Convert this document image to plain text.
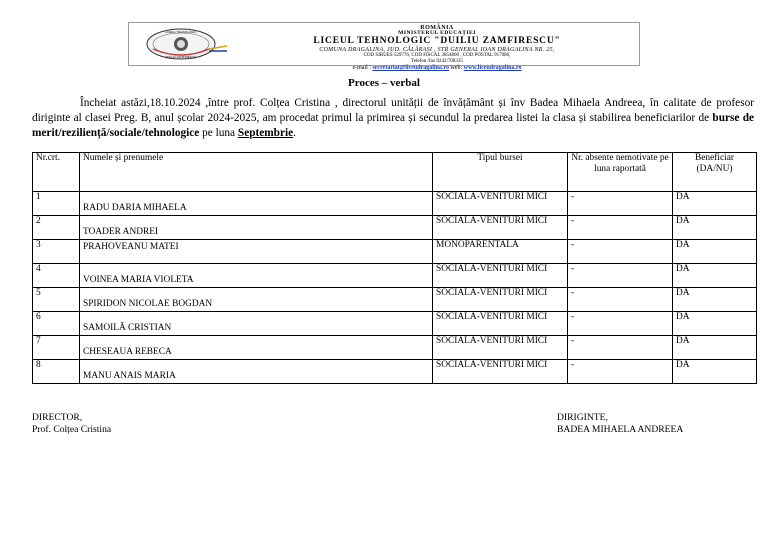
LICEUL TEHNOLOGIC
DUILIU ZAMFIRESCU
ROMÂNIA
MINISTERUL EDUCAȚIEI
LICEUL TEHNOLOGIC "DUILIU ZAMFIRESCU"
COMUNA DRAGALINA, JUD. CĂLĂRAȘI , STR GENERAL IOAN DRAGALINA NR. 25,
COD SIRUES 529776, COD FISCAL 3854800 , COD POSTAL 917080,
Telefon /fax 0242/708335
e-mail : secretariat@liceudragalina.ro web: www.liceudragalina.ro
Proces – verbal
Încheiat astăzi,18.10.2024 ,între prof. Colțea Cristina , directorul unității de învățământ și înv Badea Mihaela Andreea, în calitate de profesor diriginte al clasei Preg. B, anul școlar 2024-2025, am procedat primul la primirea și secundul la predarea listei la clasa și stabilirea beneficiarilor de burse de merit/reziliență/sociale/tehnologice pe luna Septembrie.
Nr.crt.	Numele și prenumele	Tipul bursei	Nr. absente nemotivate pe luna raportată	Beneficiar (DA/NU)
1	RADU DARIA MIHAELA	SOCIALĂ-VENITURI MICI	-	DA
2	TOADER ANDREI	SOCIALĂ-VENITURI MICI	-	DA
3	PRAHOVEANU MATEI	MONOPARENTALĂ	-	DA
4	VOINEA MARIA VIOLETA	SOCIALĂ-VENITURI MICI	-	DA
5	SPIRIDON NICOLAE BOGDAN	SOCIALĂ-VENITURI MICI	-	DA
6	SAMOILĂ CRISTIAN	SOCIALĂ-VENITURI MICI	-	DA
7	CHESEAUA REBECA	SOCIALĂ-VENITURI MICI	-	DA
8	MANU ANAIS MARIA	SOCIALĂ-VENITURI MICI	-	DA
DIRECTOR,
Prof. Colțea Cristina
DIRIGINTE,
BADEA MIHAELA ANDREEA
